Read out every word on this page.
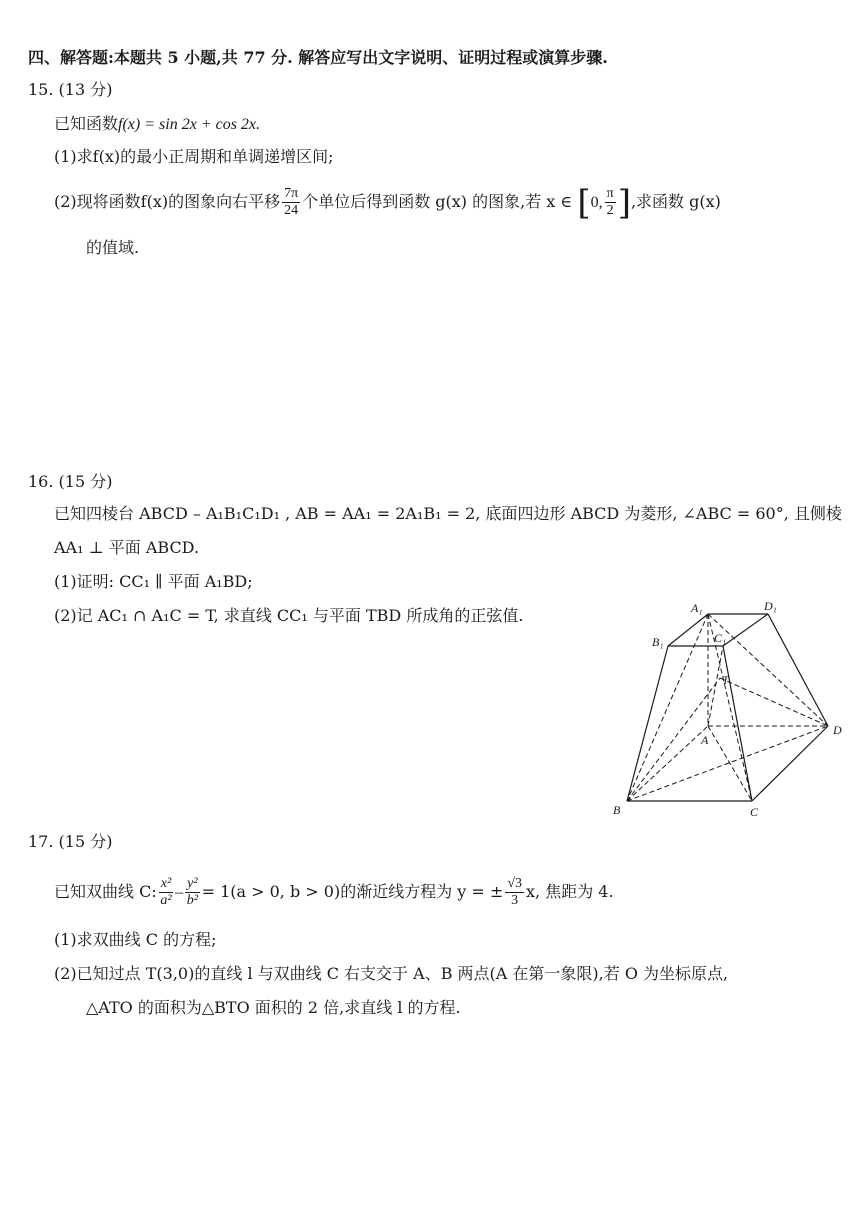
四、解答题:本题共 5 小题,共 77 分. 解答应写出文字说明、证明过程或演算步骤.
15. (13 分)
已知函数f(x) = sin 2x + cos 2x.
(1)求f(x)的最小正周期和单调递增区间;
(2)现将函数f(x)的图象向右平移 $\frac{7\pi}{24}$ 个单位后得到函数 g(x) 的图象,若 x ∈ [0, $\frac{\pi}{2}$ ],求函数 g(x)
的值域.
16. (15 分)
已知四棱台 ABCD – A₁B₁C₁D₁ , AB = AA₁ = 2A₁B₁ = 2, 底面四边形 ABCD 为菱形, ∠ABC = 60°, 且侧棱
AA₁ ⊥ 平面 ABCD.
(1)证明: CC₁ ∥ 平面 A₁BD;
(2)记 AC₁ ∩ A₁C = T, 求直线 CC₁ 与平面 TBD 所成角的正弦值.	A₁	D₁
B₁	C₁
T
A
D
B	C
17. (15 分)
已知双曲线 C: $\frac{\text{x²}}{\text{a²}} - \frac{\text{y²}}{\text{b²}} = 1(a > 0$, b > 0)的渐近线方程为 y = ± $\frac{√3}{3} x$, 焦距为 4.
(1)求双曲线 C 的方程;
(2)已知过点 T(3,0)的直线 l 与双曲线 C 右支交于 A、B 两点(A 在第一象限),若 O 为坐标原点,
△ATO 的面积为△BTO 面积的 2 倍,求直线 l 的方程.
